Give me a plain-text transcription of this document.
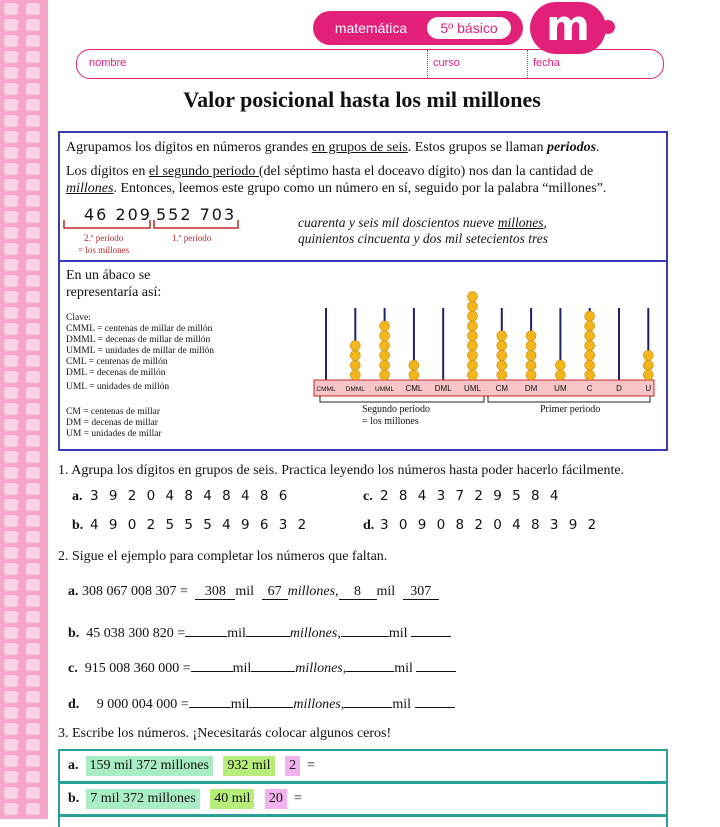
matemática	5º básico	m
nombre	curso	fecha
Valor posicional hasta los mil millones
Agrupamos los dígitos en números grandes en grupos de seis. Estos grupos se llaman periodos.
Los dígitos en el segundo periodo (del séptimo hasta el doceavo dígito) nos dan la cantidad de
millones. Entonces, leemos este grupo como un número en sí, seguido por la palabra “millones”.
46 209 552 703
2.º periodo
= los millones
1.º periodo
cuarenta y seis mil doscientos nueve millones,
quinientos cincuenta y dos mil setecientos tres
En un ábaco se
representaría así:
Clave:
CMML = centenas de millar de millón
DMML = decenas de millar de millón
UMML = unidades de millar de millón
CML = centenas de millón
DML = decenas de millón
UML = unidades de millón
CM = centenas de millar
DM = decenas de millar
UM = unidades de millar
CMML DMML UMML CML DML UML CM DM UM	C	D	U
Segundo periodo
= los millones
Primer periodo
1. Agrupa los dígitos en grupos de seis. Practica leyendo los números hasta poder hacerlo fácilmente.
a. 3 9 2 0 4 8 4 8 4 8 6	c. 2 8 4 3 7 2 9 5 8 4
b. 4 9 0 2 5 5 5 4 9 6 3 2	d. 3 0 9 0 8 2 0 4 8 3 9 2
2. Sigue el ejemplo para completar los números que faltan.
a. 308 067 008 307 = 308 mil 67 millones, 8 mil 307
b. 45 038 300 820 =	mil	millones,	mil
c. 915 008 360 000 =	mil	millones,	mil
d. 9 000 004 000 =	mil	millones,	mil
3. Escribe los números. ¡Necesitarás colocar algunos ceros!
a. 159 mil 372 millones 932 mil 2 =
b. 7 mil 372 millones 40 mil 20 =
